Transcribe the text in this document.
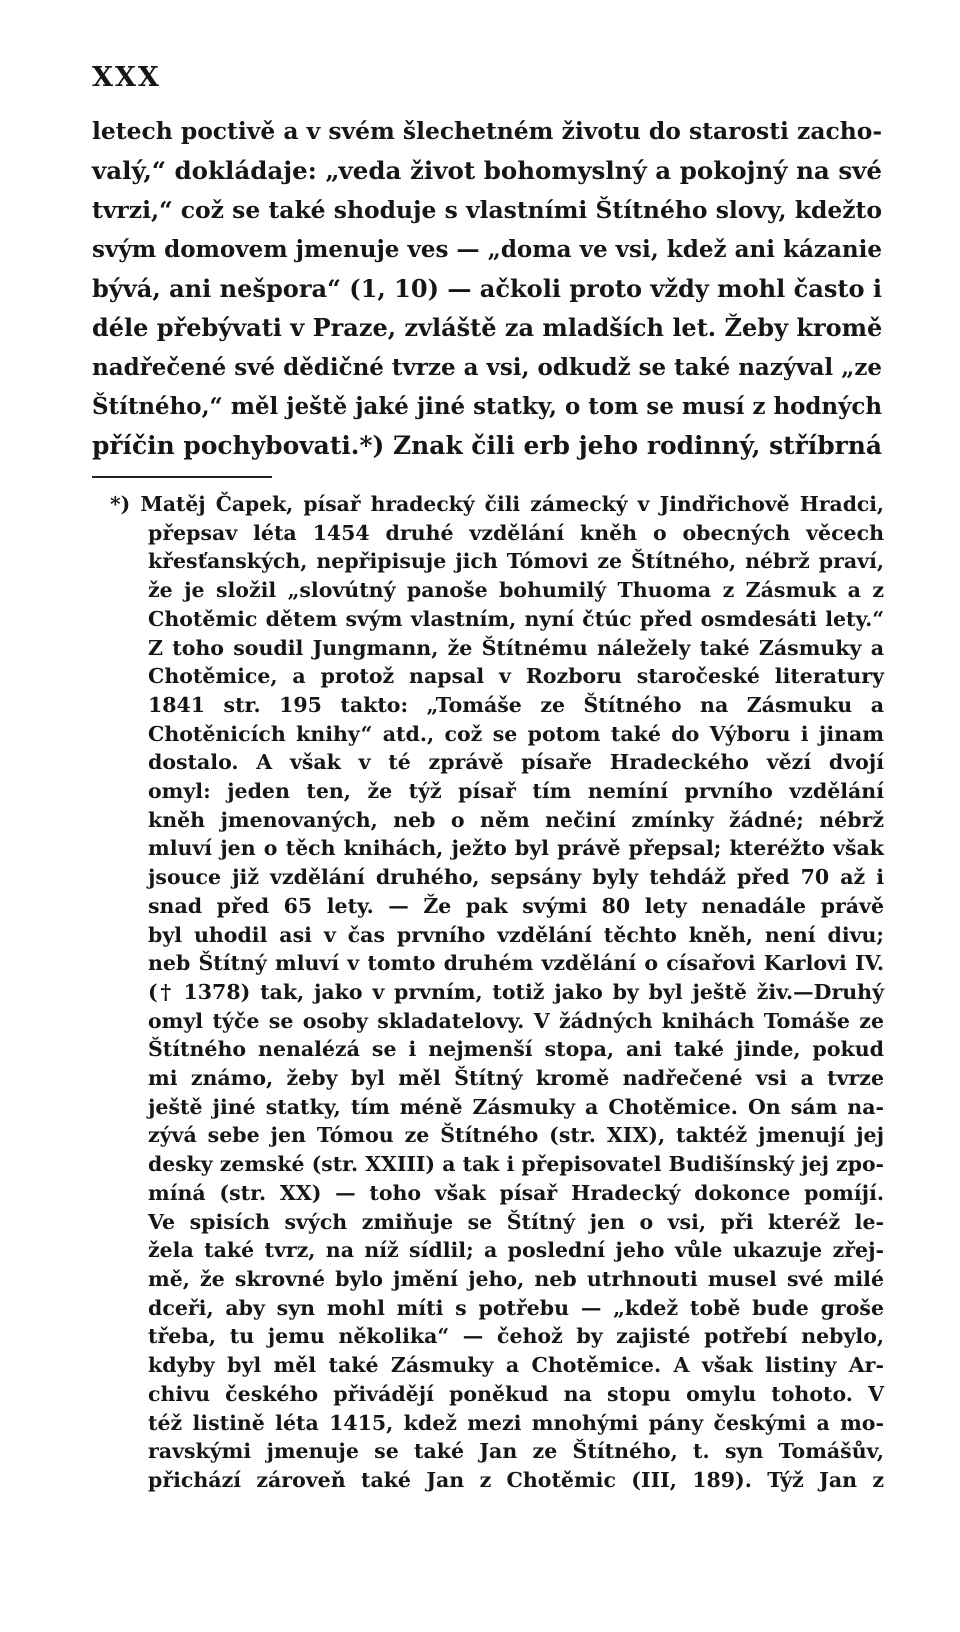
XXX
letech poctivě a v svém šlechetném životu do starosti zacho-
valý,“ dokládaje: „veda život bohomyslný a pokojný na své
tvrzi,“ což se také shoduje s vlastními Štítného slovy, kdežto
svým domovem jmenuje ves — „doma ve vsi, kdež ani kázanie
bývá, ani nešpora“ (1, 10) — ačkoli proto vždy mohl často i
déle přebývati v Praze, zvláště za mladších let. Žeby kromě
nadřečené své dědičné tvrze a vsi, odkudž se také nazýval „ze
Štítného,“ měl ještě jaké jiné statky, o tom se musí z hodných
příčin pochybovati.*) Znak čili erb jeho rodinný, stříbrná
*) Matěj Čapek, písař hradecký čili zámecký v Jindřichově Hradci,
přepsav léta 1454 druhé vzdělání kněh o obecných věcech
křesťanských, nepřipisuje jich Tómovi ze Štítného, nébrž praví,
že je složil „slovútný panoše bohumilý Thuoma z Zásmuk a z
Chotěmic dětem svým vlastním, nyní čtúc před osmdesáti lety.“
Z toho soudil Jungmann, že Štítnému náležely také Zásmuky a
Chotěmice, a protož napsal v Rozboru staročeské literatury
1841 str. 195 takto: „Tomáše ze Štítného na Zásmuku a
Chotěnicích knihy“ atd., což se potom také do Výboru i jinam
dostalo. A však v té zprávě písaře Hradeckého vězí dvojí
omyl: jeden ten, že týž písař tím nemíní prvního vzdělání
kněh jmenovaných, neb o něm nečiní zmínky žádné; nébrž
mluví jen o těch knihách, ježto byl právě přepsal; kteréžto však
jsouce již vzdělání druhého, sepsány byly tehdáž před 70 až i
snad před 65 lety. — Že pak svými 80 lety nenadále právě
byl uhodil asi v čas prvního vzdělání těchto kněh, není divu;
neb Štítný mluví v tomto druhém vzdělání o císařovi Karlovi IV.
(† 1378) tak, jako v prvním, totiž jako by byl ještě živ.—Druhý
omyl týče se osoby skladatelovy. V žádných knihách Tomáše ze
Štítného nenalézá se i nejmenší stopa, ani také jinde, pokud
mi známo, žeby byl měl Štítný kromě nadřečené vsi a tvrze
ještě jiné statky, tím méně Zásmuky a Chotěmice. On sám na-
zývá sebe jen Tómou ze Štítného (str. XIX), taktéž jmenují jej
desky zemské (str. XXIII) a tak i přepisovatel Budišínský jej zpo-
míná (str. XX) — toho však písař Hradecký dokonce pomíjí.
Ve spisích svých zmiňuje se Štítný jen o vsi, při kteréž le-
žela také tvrz, na níž sídlil; a poslední jeho vůle ukazuje zřej-
mě, že skrovné bylo jmění jeho, neb utrhnouti musel své milé
dceři, aby syn mohl míti s potřebu — „kdež tobě bude groše
třeba, tu jemu několika“ — čehož by zajisté potřebí nebylo,
kdyby byl měl také Zásmuky a Chotěmice. A však listiny Ar-
chivu českého přivádějí poněkud na stopu omylu tohoto. V
též listině léta 1415, kdež mezi mnohými pány českými a mo-
ravskými jmenuje se také Jan ze Štítného, t. syn Tomášův,
přichází zároveň také Jan z Chotěmic (III, 189). Týž Jan z
